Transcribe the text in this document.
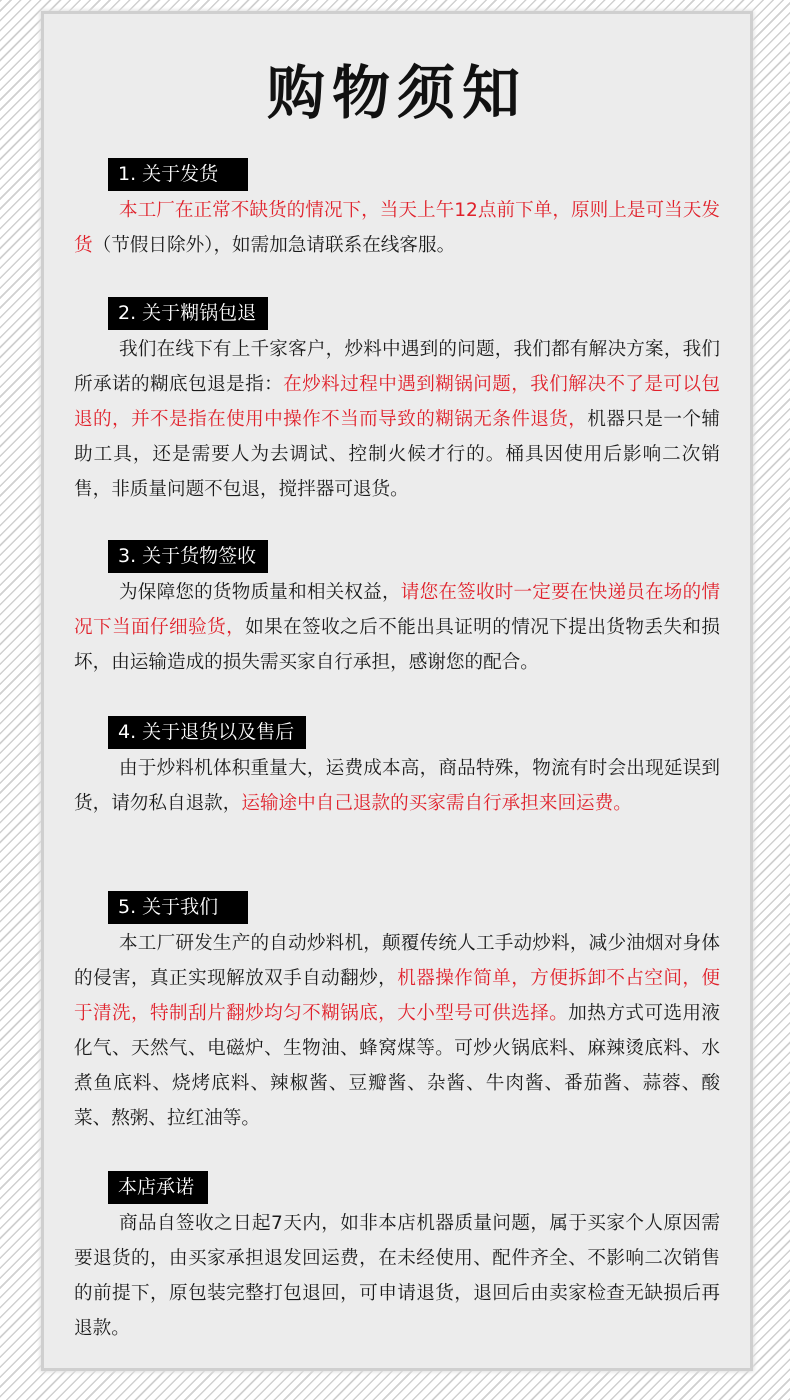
购物须知
1. 关于发货

本工厂在正常不缺货的情况下，当天上午12点前下单，原则上是可当天发货（节假日除外），如需加急请联系在线客服。

2. 关于糊锅包退

我们在线下有上千家客户，炒料中遇到的问题，我们都有解决方案，我们所承诺的糊底包退是指：在炒料过程中遇到糊锅问题，我们解决不了是可以包退的，并不是指在使用中操作不当而导致的糊锅无条件退货，机器只是一个辅助工具，还是需要人为去调试、控制火候才行的。桶具因使用后影响二次销售，非质量问题不包退，搅拌器可退货。

3. 关于货物签收

为保障您的货物质量和相关权益，请您在签收时一定要在快递员在场的情况下当面仔细验货，如果在签收之后不能出具证明的情况下提出货物丢失和损坏，由运输造成的损失需买家自行承担，感谢您的配合。

4. 关于退货以及售后

由于炒料机体积重量大，运费成本高，商品特殊，物流有时会出现延误到货，请勿私自退款，运输途中自己退款的买家需自行承担来回运费。

5. 关于我们

本工厂研发生产的自动炒料机，颠覆传统人工手动炒料，减少油烟对身体的侵害，真正实现解放双手自动翻炒，机器操作简单，方便拆卸不占空间，便于清洗，特制刮片翻炒均匀不糊锅底，大小型号可供选择。加热方式可选用液化气、天然气、电磁炉、生物油、蜂窝煤等。可炒火锅底料、麻辣烫底料、水煮鱼底料、烧烤底料、辣椒酱、豆瓣酱、杂酱、牛肉酱、番茄酱、蒜蓉、酸菜、熬粥、拉红油等。

本店承诺

商品自签收之日起7天内，如非本店机器质量问题，属于买家个人原因需要退货的，由买家承担退发回运费，在未经使用、配件齐全、不影响二次销售的前提下，原包装完整打包退回，可申请退货，退回后由卖家检查无缺损后再退款。
